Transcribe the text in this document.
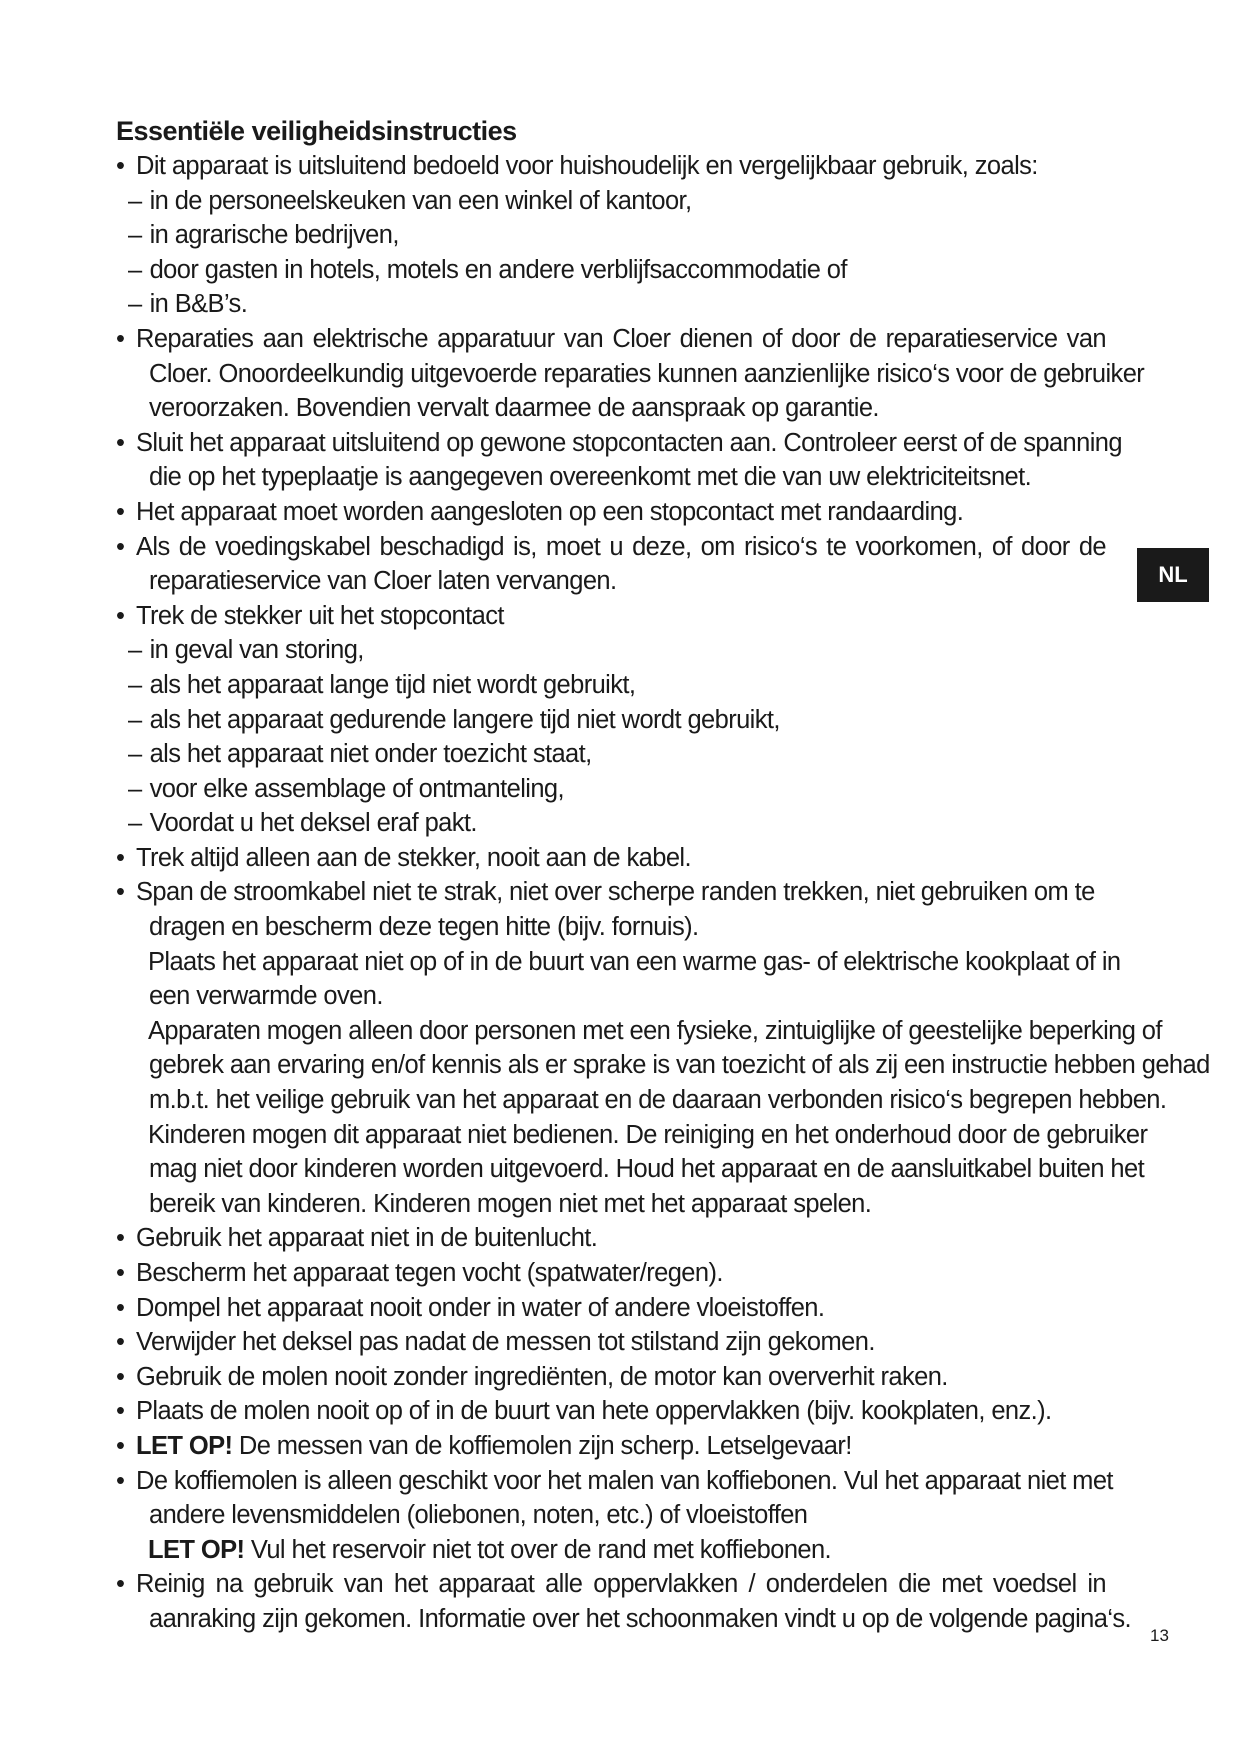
Essentiële veiligheidsinstructies
• Dit apparaat is uitsluitend bedoeld voor huishoudelijk en vergelijkbaar gebruik, zoals:
– in de personeelskeuken van een winkel of kantoor,
– in agrarische bedrijven,
– door gasten in hotels, motels en andere verblijfsaccommodatie of
– in B&B’s.
• Reparaties aan elektrische apparatuur van Cloer dienen of door de reparatieservice van
Cloer. Onoordeelkundig uitgevoerde reparaties kunnen aanzienlijke risico‘s voor de gebruiker
veroorzaken. Bovendien vervalt daarmee de aanspraak op garantie.
• Sluit het apparaat uitsluitend op gewone stopcontacten aan. Controleer eerst of de spanning
die op het typeplaatje is aangegeven overeenkomt met die van uw elektriciteitsnet.
• Het apparaat moet worden aangesloten op een stopcontact met randaarding.
• Als de voedingskabel beschadigd is, moet u deze, om risico‘s te voorkomen, of door de
reparatieservice van Cloer laten vervangen.
• Trek de stekker uit het stopcontact
– in geval van storing,
– als het apparaat lange tijd niet wordt gebruikt,
– als het apparaat gedurende langere tijd niet wordt gebruikt,
– als het apparaat niet onder toezicht staat,
– voor elke assemblage of ontmanteling,
– Voordat u het deksel eraf pakt.
• Trek altijd alleen aan de stekker, nooit aan de kabel.
• Span de stroomkabel niet te strak, niet over scherpe randen trekken, niet gebruiken om te
dragen en bescherm deze tegen hitte (bijv. fornuis).
Plaats het apparaat niet op of in de buurt van een warme gas- of elektrische kookplaat of in
een verwarmde oven.
Apparaten mogen alleen door personen met een fysieke, zintuiglijke of geestelijke beperking of
gebrek aan ervaring en/of kennis als er sprake is van toezicht of als zij een instructie hebben gehad
m.b.t. het veilige gebruik van het apparaat en de daaraan verbonden risico‘s begrepen hebben.
Kinderen mogen dit apparaat niet bedienen. De reiniging en het onderhoud door de gebruiker
mag niet door kinderen worden uitgevoerd. Houd het apparaat en de aansluitkabel buiten het
bereik van kinderen. Kinderen mogen niet met het apparaat spelen.
• Gebruik het apparaat niet in de buitenlucht.
• Bescherm het apparaat tegen vocht (spatwater/regen).
• Dompel het apparaat nooit onder in water of andere vloeistoffen.
• Verwijder het deksel pas nadat de messen tot stilstand zijn gekomen.
• Gebruik de molen nooit zonder ingrediënten, de motor kan oververhit raken.
• Plaats de molen nooit op of in de buurt van hete oppervlakken (bijv. kookplaten, enz.).
• LET OP! De messen van de koffiemolen zijn scherp. Letselgevaar!
• De koffiemolen is alleen geschikt voor het malen van koffiebonen. Vul het apparaat niet met
andere levensmiddelen (oliebonen, noten, etc.) of vloeistoffen
LET OP! Vul het reservoir niet tot over de rand met koffiebonen.
• Reinig na gebruik van het apparaat alle oppervlakken / onderdelen die met voedsel in
aanraking zijn gekomen. Informatie over het schoonmaken vindt u op de volgende pagina‘s.
NL
13
